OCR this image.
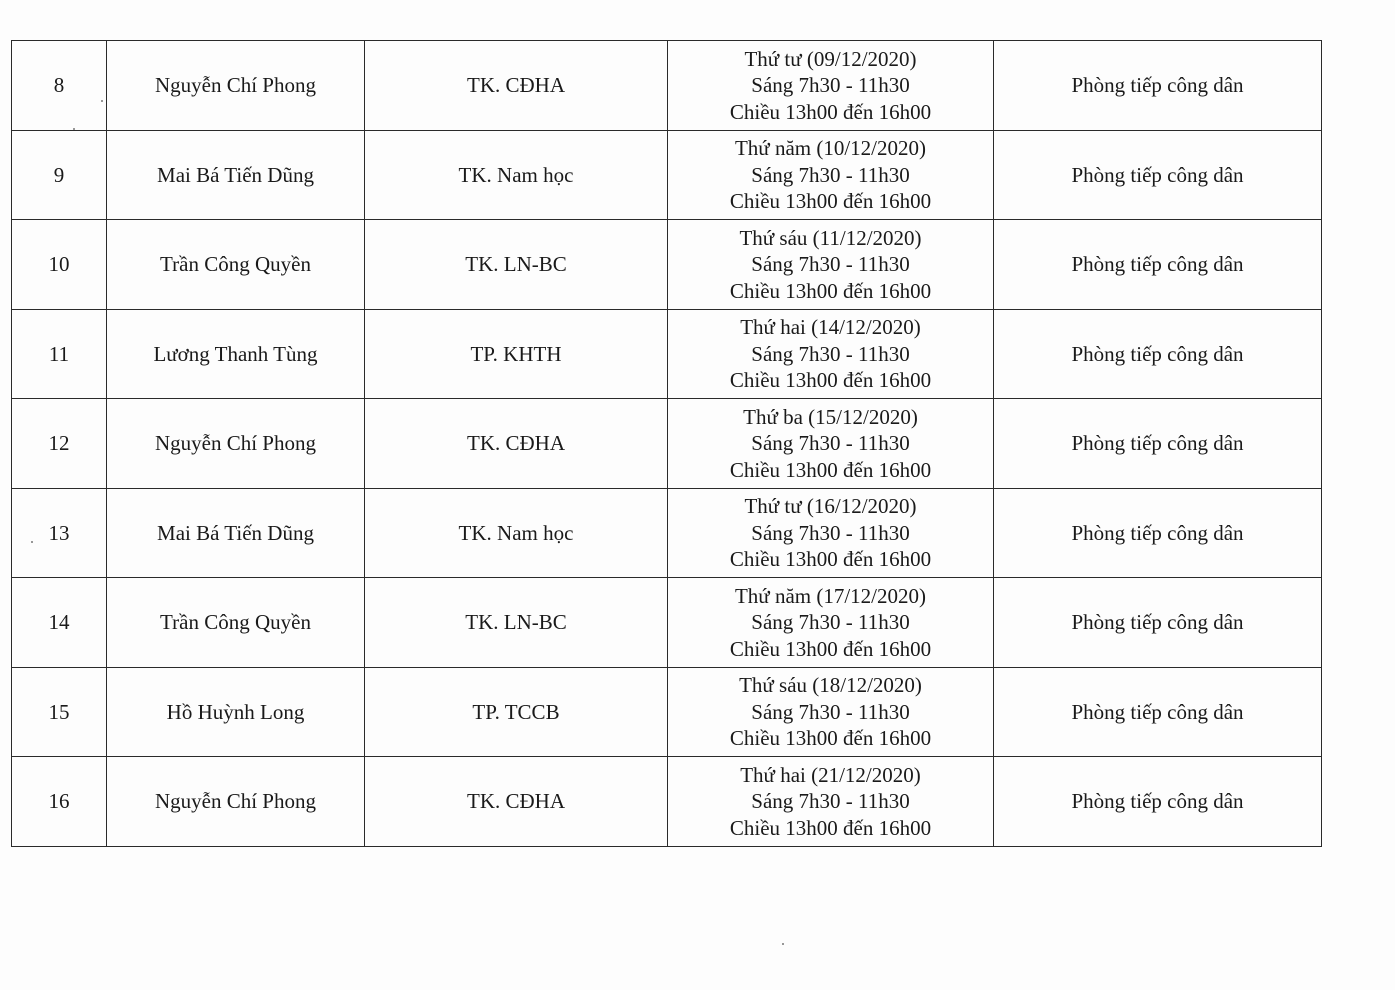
8	Nguyễn Chí Phong	TK. CĐHA	Thứ tư (09/12/2020)
Sáng 7h30 - 11h30
Chiều 13h00 đến 16h00	Phòng tiếp công dân
9	Mai Bá Tiến Dũng	TK. Nam học	Thứ năm (10/12/2020)
Sáng 7h30 - 11h30
Chiều 13h00 đến 16h00	Phòng tiếp công dân
10	Trần Công Quyền	TK. LN-BC	Thứ sáu (11/12/2020)
Sáng 7h30 - 11h30
Chiều 13h00 đến 16h00	Phòng tiếp công dân
11	Lương Thanh Tùng	TP. KHTH	Thứ hai (14/12/2020)
Sáng 7h30 - 11h30
Chiều 13h00 đến 16h00	Phòng tiếp công dân
12	Nguyễn Chí Phong	TK. CĐHA	Thứ ba (15/12/2020)
Sáng 7h30 - 11h30
Chiều 13h00 đến 16h00	Phòng tiếp công dân
13	Mai Bá Tiến Dũng	TK. Nam học	Thứ tư (16/12/2020)
Sáng 7h30 - 11h30
Chiều 13h00 đến 16h00	Phòng tiếp công dân
14	Trần Công Quyền	TK. LN-BC	Thứ năm (17/12/2020)
Sáng 7h30 - 11h30
Chiều 13h00 đến 16h00	Phòng tiếp công dân
15	Hồ Huỳnh Long	TP. TCCB	Thứ sáu (18/12/2020)
Sáng 7h30 - 11h30
Chiều 13h00 đến 16h00	Phòng tiếp công dân
16	Nguyễn Chí Phong	TK. CĐHA	Thứ hai (21/12/2020)
Sáng 7h30 - 11h30
Chiều 13h00 đến 16h00	Phòng tiếp công dân
